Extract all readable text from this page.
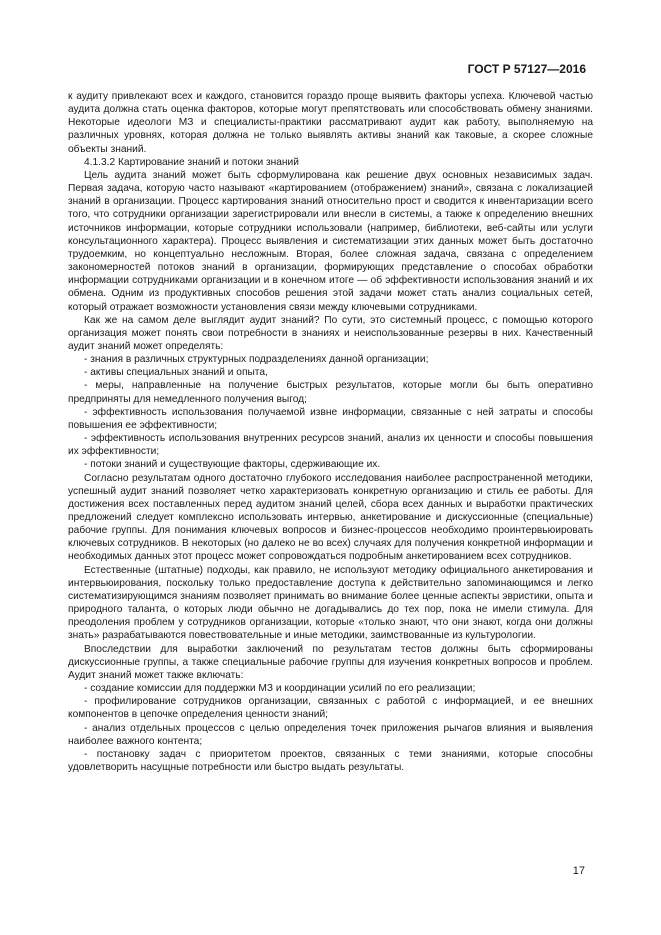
ГОСТ Р 57127—2016

к аудиту привлекают всех и каждого, становится гораздо проще выявить факторы успеха. Ключевой частью аудита должна стать оценка факторов, которые могут препятствовать или способствовать обмену знаниями. Некоторые идеологи МЗ и специалисты-практики рассматривают аудит как работу, выполняемую на различных уровнях, которая должна не только выявлять активы знаний как таковые, а скорее сложные объекты знаний.

4.1.3.2 Картирование знаний и потоки знаний

Цель аудита знаний может быть сформулирована как решение двух основных независимых задач. Первая задача, которую часто называют «картированием (отображением) знаний», связана с локализацией знаний в организации. Процесс картирования знаний относительно прост и сводится к инвентаризации всего того, что сотрудники организации зарегистрировали или внесли в системы, а также к определению внешних источников информации, которые сотрудники использовали (например, библиотеки, веб-сайты или услуги консультационного характера). Процесс выявления и систематизации этих данных может быть достаточно трудоемким, но концептуально несложным. Вторая, более сложная задача, связана с определением закономерностей потоков знаний в организации, формирующих представление о способах обработки информации сотрудниками организации и в конечном итоге — об эффективности использования знаний и их обмена. Одним из продуктивных способов решения этой задачи может стать анализ социальных сетей, который отражает возможности установления связи между ключевыми сотрудниками.

Как же на самом деле выглядит аудит знаний? По сути, это системный процесс, с помощью которого организация может понять свои потребности в знаниях и неиспользованные резервы в них. Качественный аудит знаний может определять:

- знания в различных структурных подразделениях данной организации;

- активы специальных знаний и опыта,

- меры, направленные на получение быстрых результатов, которые могли бы быть оперативно предприняты для немедленного получения выгод;

- эффективность использования получаемой извне информации, связанные с ней затраты и способы повышения ее эффективности;

- эффективность использования внутренних ресурсов знаний, анализ их ценности и способы повышения их эффективности;

- потоки знаний и существующие факторы, сдерживающие их.

Согласно результатам одного достаточно глубокого исследования наиболее распространенной методики, успешный аудит знаний позволяет четко характеризовать конкретную организацию и стиль ее работы. Для достижения всех поставленных перед аудитом знаний целей, сбора всех данных и выработки практических предложений следует комплексно использовать интервью, анкетирование и дискуссионные (специальные) рабочие группы. Для понимания ключевых вопросов и бизнес-процессов необходимо проинтервьюировать ключевых сотрудников. В некоторых (но далеко не во всех) случаях для получения конкретной информации и необходимых данных этот процесс может сопровождаться подробным анкетированием всех сотрудников.

Естественные (штатные) подходы, как правило, не используют методику официального анкетирования и интервьюирования, поскольку только предоставление доступа к действительно запоминающимся и легко систематизирующимся знаниям позволяет принимать во внимание более ценные аспекты эвристики, опыта и природного таланта, о которых люди обычно не догадывались до тех пор, пока не имели стимула. Для преодоления проблем у сотрудников организации, которые «только знают, что они знают, когда они должны знать» разрабатываются повествовательные и иные методики, заимствованные из культурологии.

Впоследствии для выработки заключений по результатам тестов должны быть сформированы дискуссионные группы, а также специальные рабочие группы для изучения конкретных вопросов и проблем. Аудит знаний может также включать:

- создание комиссии для поддержки МЗ и координации усилий по его реализации;

- профилирование сотрудников организации, связанных с работой с информацией, и ее внешних компонентов в цепочке определения ценности знаний;

- анализ отдельных процессов с целью определения точек приложения рычагов влияния и выявления наиболее важного контента;

- постановку задач с приоритетом проектов, связанных с теми знаниями, которые способны удовлетворить насущные потребности или быстро выдать результаты.

17
